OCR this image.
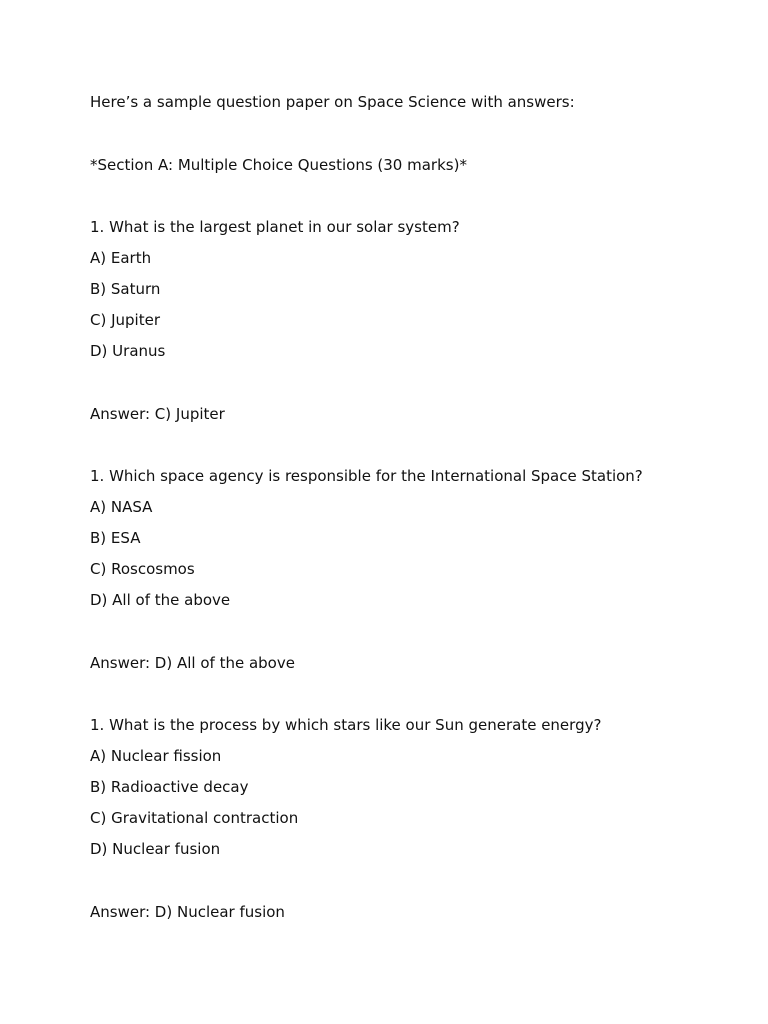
Here’s a sample question paper on Space Science with answers:

*Section A: Multiple Choice Questions (30 marks)*

1. What is the largest planet in our solar system?

A) Earth

B) Saturn

C) Jupiter

D) Uranus

Answer: C) Jupiter

1. Which space agency is responsible for the International Space Station?

A) NASA

B) ESA

C) Roscosmos

D) All of the above

Answer: D) All of the above

1. What is the process by which stars like our Sun generate energy?

A) Nuclear fission

B) Radioactive decay

C) Gravitational contraction

D) Nuclear fusion

Answer: D) Nuclear fusion
